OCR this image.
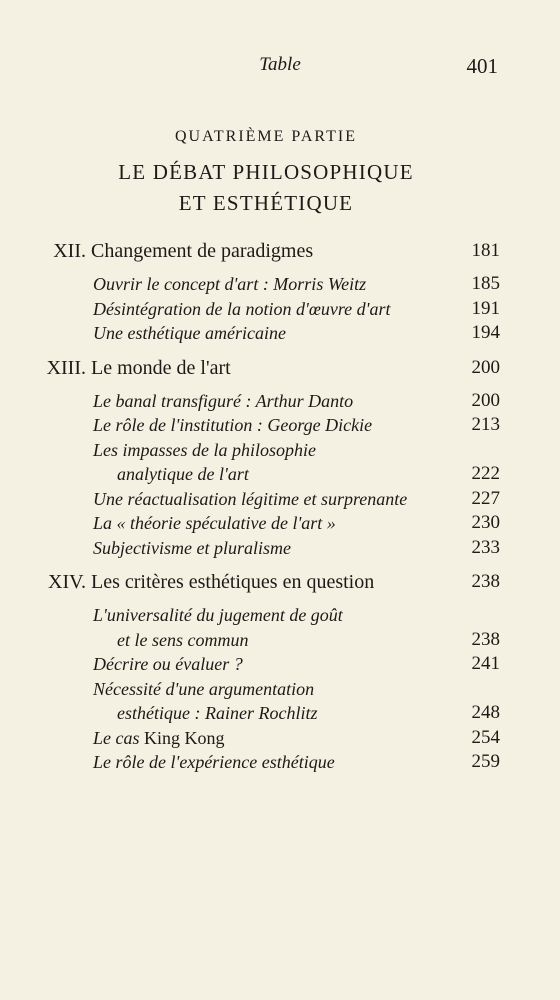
Table	401
QUATRIÈME PARTIE
LE DÉBAT PHILOSOPHIQUE
ET ESTHÉTIQUE
XII. Changement de paradigmes	181
Ouvrir le concept d'art : Morris Weitz	185
Désintégration de la notion d'œuvre d'art	191
Une esthétique américaine	194
XIII. Le monde de l'art	200
Le banal transfiguré : Arthur Danto	200
Le rôle de l'institution : George Dickie	213
Les impasses de la philosophie
analytique de l'art	222
Une réactualisation légitime et surprenante	227
La « théorie spéculative de l'art »	230
Subjectivisme et pluralisme	233
XIV. Les critères esthétiques en question	238
L'universalité du jugement de goût
et le sens commun	238
Décrire ou évaluer ?	241
Nécessité d'une argumentation
esthétique : Rainer Rochlitz	248
Le cas King Kong	254
Le rôle de l'expérience esthétique	259
